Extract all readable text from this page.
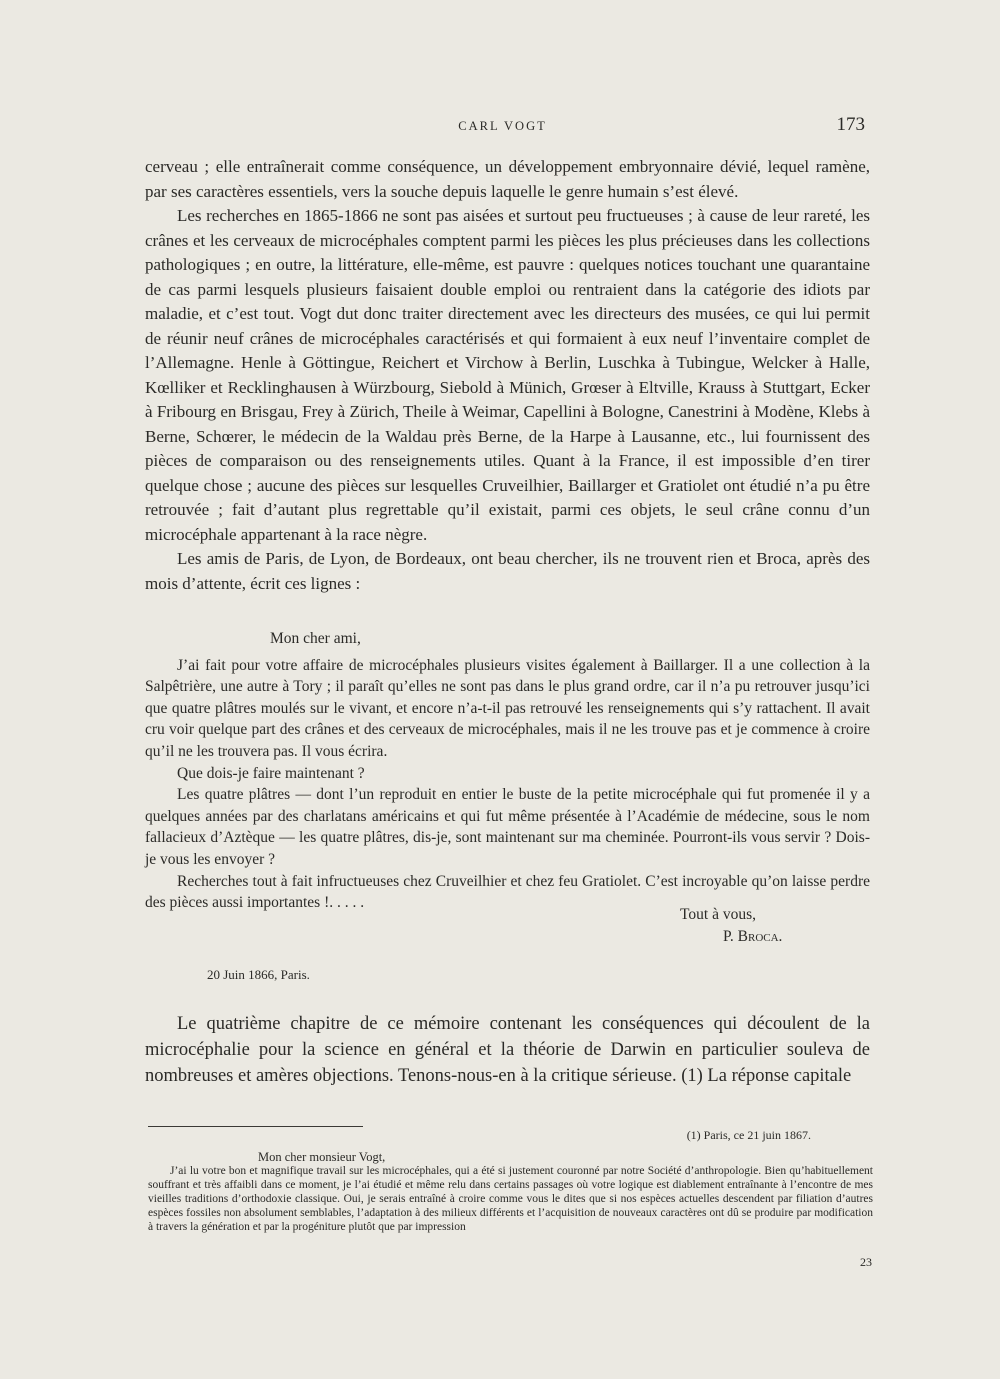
CARL VOGT	173

cerveau ; elle entraînerait comme conséquence, un développement embryonnaire dévié, lequel ramène, par ses caractères essentiels, vers la souche depuis laquelle le genre humain s’est élevé.

Les recherches en 1865-1866 ne sont pas aisées et surtout peu fructueuses ; à cause de leur rareté, les crânes et les cerveaux de microcéphales comptent parmi les pièces les plus précieuses dans les collections pathologiques ; en outre, la littérature, elle-même, est pauvre : quelques notices touchant une quarantaine de cas parmi lesquels plusieurs faisaient double emploi ou rentraient dans la catégorie des idiots par maladie, et c’est tout. Vogt dut donc traiter directement avec les directeurs des musées, ce qui lui permit de réunir neuf crânes de microcéphales caractérisés et qui formaient à eux neuf l’inventaire complet de l’Allemagne. Henle à Göttingue, Reichert et Virchow à Berlin, Luschka à Tubingue, Welcker à Halle, Kœlliker et Recklinghausen à Würzbourg, Siebold à Münich, Grœser à Eltville, Krauss à Stuttgart, Ecker à Fribourg en Brisgau, Frey à Zürich, Theile à Weimar, Capellini à Bologne, Canestrini à Modène, Klebs à Berne, Schœrer, le médecin de la Waldau près Berne, de la Harpe à Lausanne, etc., lui fournissent des pièces de comparaison ou des renseignements utiles. Quant à la France, il est impossible d’en tirer quelque chose ; aucune des pièces sur lesquelles Cruveilhier, Baillarger et Gratiolet ont étudié n’a pu être retrouvée ; fait d’autant plus regrettable qu’il existait, parmi ces objets, le seul crâne connu d’un microcéphale appartenant à la race nègre.

Les amis de Paris, de Lyon, de Bordeaux, ont beau chercher, ils ne trouvent rien et Broca, après des mois d’attente, écrit ces lignes :

Mon cher ami,

J’ai fait pour votre affaire de microcéphales plusieurs visites également à Baillarger. Il a une collection à la Salpêtrière, une autre à Tory ; il paraît qu’elles ne sont pas dans le plus grand ordre, car il n’a pu retrouver jusqu’ici que quatre plâtres moulés sur le vivant, et encore n’a-t-il pas retrouvé les renseignements qui s’y rattachent. Il avait cru voir quelque part des crânes et des cerveaux de microcéphales, mais il ne les trouve pas et je commence à croire qu’il ne les trouvera pas. Il vous écrira.

Que dois-je faire maintenant ?

Les quatre plâtres — dont l’un reproduit en entier le buste de la petite microcéphale qui fut promenée il y a quelques années par des charlatans américains et qui fut même présentée à l’Académie de médecine, sous le nom fallacieux d’Aztèque — les quatre plâtres, dis-je, sont maintenant sur ma cheminée. Pourront-ils vous servir ? Dois-je vous les envoyer ?

Recherches tout à fait infructueuses chez Cruveilhier et chez feu Gratiolet. C’est incroyable qu’on laisse perdre des pièces aussi importantes !. . . . .

Tout à vous,
P. Broca.

20 Juin 1866, Paris.

Le quatrième chapitre de ce mémoire contenant les conséquences qui découlent de la microcéphalie pour la science en général et la théorie de Darwin en particulier souleva de nombreuses et amères objections. Tenons-nous-en à la critique sérieuse. (1) La réponse capitale

(1) Paris, ce 21 juin 1867.

Mon cher monsieur Vogt,

J’ai lu votre bon et magnifique travail sur les microcéphales, qui a été si justement couronné par notre Société d’anthropologie. Bien qu’habituellement souffrant et très affaibli dans ce moment, je l’ai étudié et même relu dans certains passages où votre logique est diablement entraînante à l’encontre de mes vieilles traditions d’orthodoxie classique. Oui, je serais entraîné à croire comme vous le dites que si nos espèces actuelles descendent par filiation d’autres espèces fossiles non absolument semblables, l’adaptation à des milieux différents et l’acquisition de nouveaux caractères ont dû se produire par modification à travers la génération et par la progéniture plutôt que par impression

23
